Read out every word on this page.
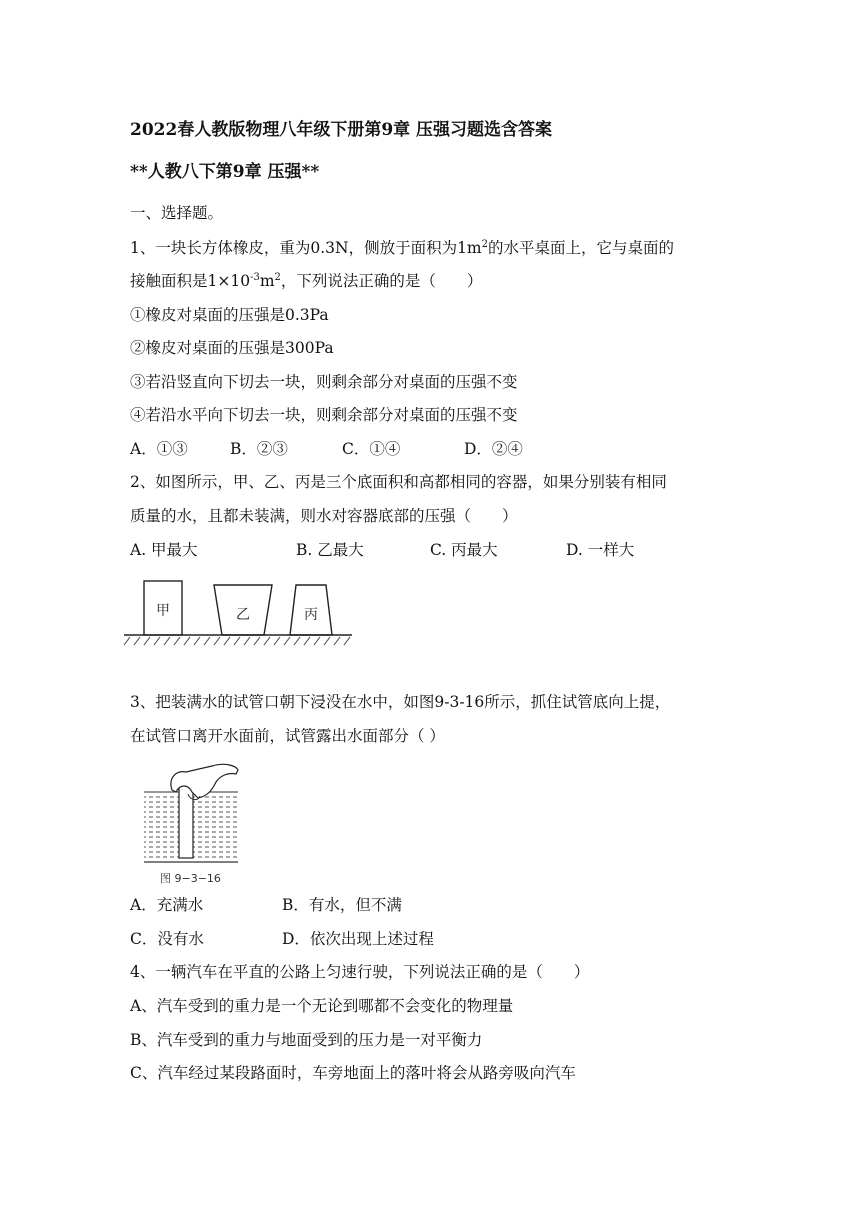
2022春人教版物理八年级下册第9章 压强习题选含答案
**人教八下第9章 压强**
一、选择题。
1、一块长方体橡皮，重为0.3N，侧放于面积为$1m^2$的水平桌面上，它与桌面的
接触面积是$1\times 10^{-3}m^2$，下列说法正确的是（　　）
①橡皮对桌面的压强是0.3Pa
②橡皮对桌面的压强是300Pa
③若沿竖直向下切去一块，则剩余部分对桌面的压强不变
④若沿水平向下切去一块，则剩余部分对桌面的压强不变
A．①③	B．②③	C．①④	D．②④
2、如图所示，甲、乙、丙是三个底面积和高都相同的容器，如果分别装有相同
质量的水，且都未装满，则水对容器底部的压强（　　）
A. 甲最大	B. 乙最大	C. 丙最大	D. 一样大
甲	乙	丙
3、把装满水的试管口朝下浸没在水中，如图9-3-16所示，抓住试管底向上提，
在试管口离开水面前，试管露出水面部分（ ）
图 9−3−16
A．充满水	B．有水，但不满
C．没有水	D．依次出现上述过程
4、一辆汽车在平直的公路上匀速行驶，下列说法正确的是（　　）
A、汽车受到的重力是一个无论到哪都不会变化的物理量
B、汽车受到的重力与地面受到的压力是一对平衡力
C、汽车经过某段路面时，车旁地面上的落叶将会从路旁吸向汽车
